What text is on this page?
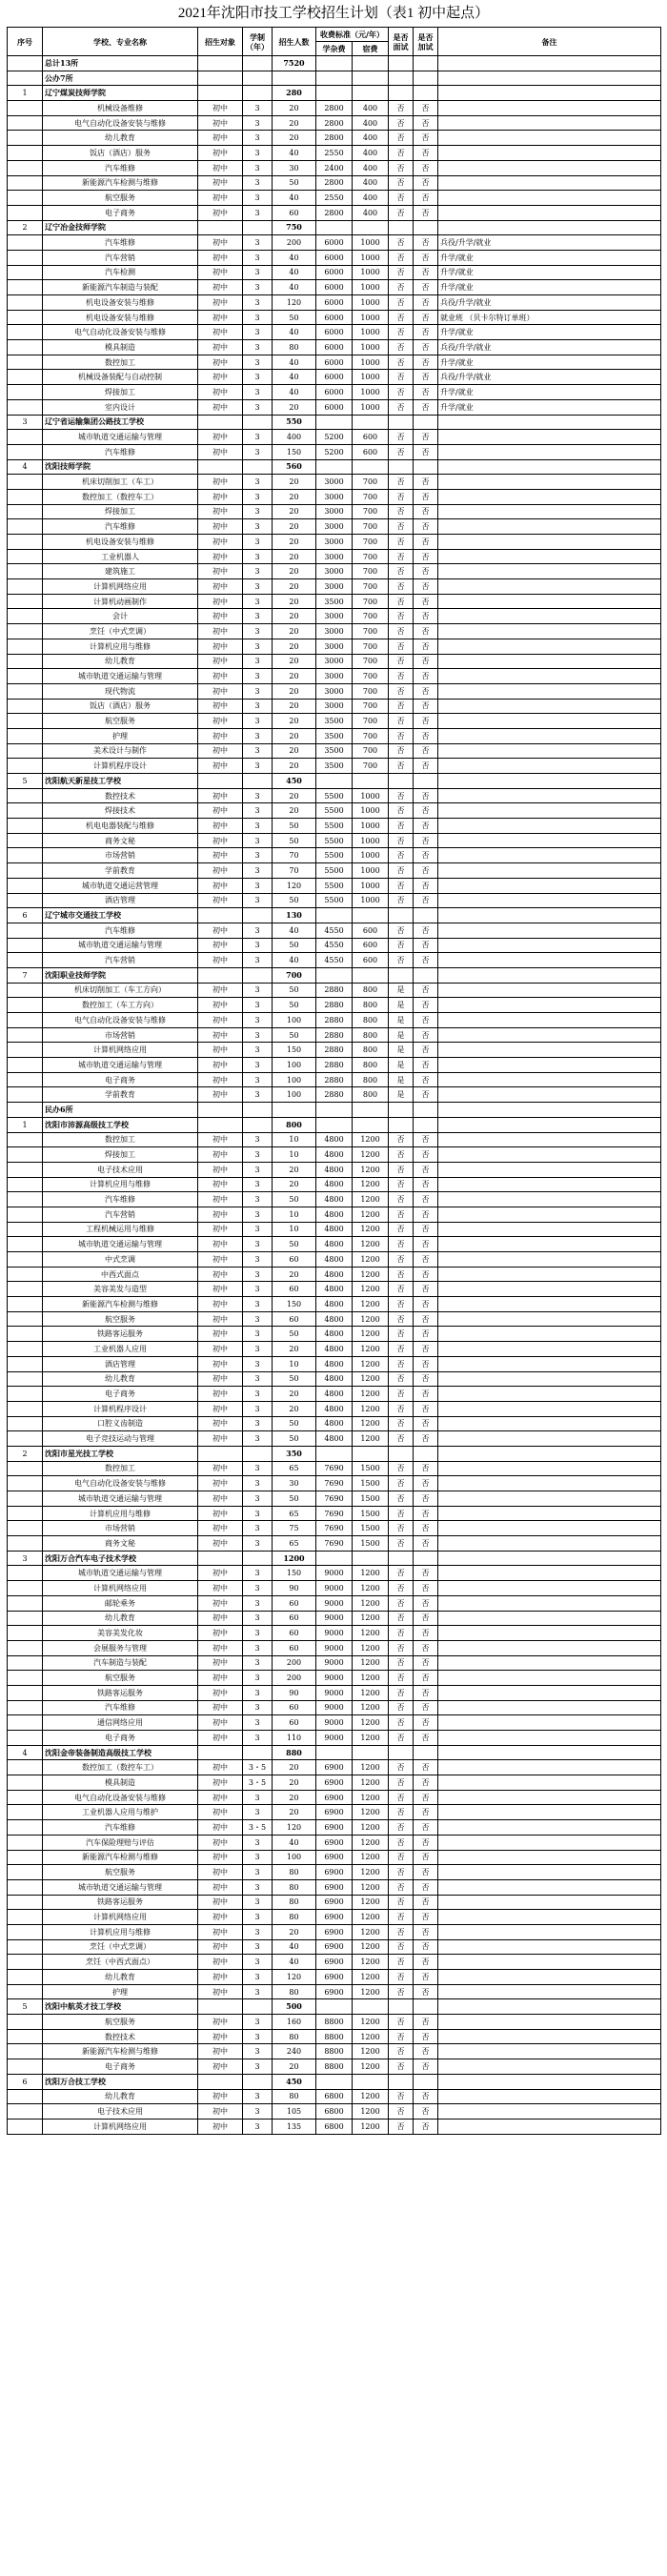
2021年沈阳市技工学校招生计划（表1 初中起点）
序号	学校、专业名称	招生对象	学制（年）	招生人数	收费标准（元/年）		是否面试	是否加试	备注
					学杂费	宿费			
	总计13所			7520					
	公办7所								
1	辽宁煤炭技师学院			280					
	机械设备维修	初中	3	20	2800	400	否	否	
	电气自动化设备安装与维修	初中	3	20	2800	400	否	否	
	幼儿教育	初中	3	20	2800	400	否	否	
	饭店（酒店）服务	初中	3	40	2550	400	否	否	
	汽车维修	初中	3	30	2400	400	否	否	
	新能源汽车检测与维修	初中	3	50	2800	400	否	否	
	航空服务	初中	3	40	2550	400	否	否	
	电子商务	初中	3	60	2800	400	否	否	
2	辽宁冶金技师学院			750					
	汽车维修	初中	3	200	6000	1000	否	否	兵役/升学/就业
	汽车营销	初中	3	40	6000	1000	否	否	升学/就业
	汽车检测	初中	3	40	6000	1000	否	否	升学/就业
	新能源汽车制造与装配	初中	3	40	6000	1000	否	否	升学/就业
	机电设备安装与维修	初中	3	120	6000	1000	否	否	兵役/升学/就业
	机电设备安装与维修	初中	3	50	6000	1000	否	否	就业班 （贝卡尔特订单班）
	电气自动化设备安装与维修	初中	3	40	6000	1000	否	否	升学/就业
	模具制造	初中	3	80	6000	1000	否	否	兵役/升学/就业
	数控加工	初中	3	40	6000	1000	否	否	升学/就业
	机械设备装配与自动控制	初中	3	40	6000	1000	否	否	兵役/升学/就业
	焊接加工	初中	3	40	6000	1000	否	否	升学/就业
	室内设计	初中	3	20	6000	1000	否	否	升学/就业
3	辽宁省运输集团公路技工学校			550					
	城市轨道交通运输与管理	初中	3	400	5200	600	否	否	
	汽车维修	初中	3	150	5200	600	否	否	
4	沈阳技师学院			560					
	机床切削加工（车工）	初中	3	20	3000	700	否	否	
	数控加工（数控车工）	初中	3	20	3000	700	否	否	
	焊接加工	初中	3	20	3000	700	否	否	
	汽车维修	初中	3	20	3000	700	否	否	
	机电设备安装与维修	初中	3	20	3000	700	否	否	
	工业机器人	初中	3	20	3000	700	否	否	
	建筑施工	初中	3	20	3000	700	否	否	
	计算机网络应用	初中	3	20	3000	700	否	否	
	计算机动画制作	初中	3	20	3500	700	否	否	
	会计	初中	3	20	3000	700	否	否	
	烹饪（中式烹调）	初中	3	20	3000	700	否	否	
	计算机应用与维修	初中	3	20	3000	700	否	否	
	幼儿教育	初中	3	20	3000	700	否	否	
	城市轨道交通运输与管理	初中	3	20	3000	700	否	否	
	现代物流	初中	3	20	3000	700	否	否	
	饭店（酒店）服务	初中	3	20	3000	700	否	否	
	航空服务	初中	3	20	3500	700	否	否	
	护理	初中	3	20	3500	700	否	否	
	美术设计与制作	初中	3	20	3500	700	否	否	
	计算机程序设计	初中	3	20	3500	700	否	否	
5	沈阳航天新星技工学校			450					
	数控技术	初中	3	20	5500	1000	否	否	
	焊接技术	初中	3	20	5500	1000	否	否	
	机电电器装配与维修	初中	3	50	5500	1000	否	否	
	商务文秘	初中	3	50	5500	1000	否	否	
	市场营销	初中	3	70	5500	1000	否	否	
	学前教育	初中	3	70	5500	1000	否	否	
	城市轨道交通运营管理	初中	3	120	5500	1000	否	否	
	酒店管理	初中	3	50	5500	1000	否	否	
6	辽宁城市交通技工学校			130					
	汽车维修	初中	3	40	4550	600	否	否	
	城市轨道交通运输与管理	初中	3	50	4550	600	否	否	
	汽车营销	初中	3	40	4550	600	否	否	
7	沈阳职业技师学院			700					
	机床切削加工（车工方向）	初中	3	50	2880	800	是	否	
	数控加工（车工方向）	初中	3	50	2880	800	是	否	
	电气自动化设备安装与维修	初中	3	100	2880	800	是	否	
	市场营销	初中	3	50	2880	800	是	否	
	计算机网络应用	初中	3	150	2880	800	是	否	
	城市轨道交通运输与管理	初中	3	100	2880	800	是	否	
	电子商务	初中	3	100	2880	800	是	否	
	学前教育	初中	3	100	2880	800	是	否	
	民办6所								
1	沈阳市沛源高级技工学校			800					
	数控加工	初中	3	10	4800	1200	否	否	
	焊接加工	初中	3	10	4800	1200	否	否	
	电子技术应用	初中	3	20	4800	1200	否	否	
	计算机应用与维修	初中	3	20	4800	1200	否	否	
	汽车维修	初中	3	50	4800	1200	否	否	
	汽车营销	初中	3	10	4800	1200	否	否	
	工程机械运用与维修	初中	3	10	4800	1200	否	否	
	城市轨道交通运输与管理	初中	3	50	4800	1200	否	否	
	中式烹调	初中	3	60	4800	1200	否	否	
	中西式面点	初中	3	20	4800	1200	否	否	
	美容美发与造型	初中	3	60	4800	1200	否	否	
	新能源汽车检测与维修	初中	3	150	4800	1200	否	否	
	航空服务	初中	3	60	4800	1200	否	否	
	铁路客运服务	初中	3	50	4800	1200	否	否	
	工业机器人应用	初中	3	20	4800	1200	否	否	
	酒店管理	初中	3	10	4800	1200	否	否	
	幼儿教育	初中	3	50	4800	1200	否	否	
	电子商务	初中	3	20	4800	1200	否	否	
	计算机程序设计	初中	3	20	4800	1200	否	否	
	口腔义齿制造	初中	3	50	4800	1200	否	否	
	电子竞技运动与管理	初中	3	50	4800	1200	否	否	
2	沈阳市星光技工学校			350					
	数控加工	初中	3	65	7690	1500	否	否	
	电气自动化设备安装与维修	初中	3	30	7690	1500	否	否	
	城市轨道交通运输与管理	初中	3	50	7690	1500	否	否	
	计算机应用与维修	初中	3	65	7690	1500	否	否	
	市场营销	初中	3	75	7690	1500	否	否	
	商务文秘	初中	3	65	7690	1500	否	否	
3	沈阳万合汽车电子技术学校			1200					
	城市轨道交通运输与管理	初中	3	150	9000	1200	否	否	
	计算机网络应用	初中	3	90	9000	1200	否	否	
	邮轮乘务	初中	3	60	9000	1200	否	否	
	幼儿教育	初中	3	60	9000	1200	否	否	
	美容美发化妆	初中	3	60	9000	1200	否	否	
	会展服务与管理	初中	3	60	9000	1200	否	否	
	汽车制造与装配	初中	3	200	9000	1200	否	否	
	航空服务	初中	3	200	9000	1200	否	否	
	铁路客运服务	初中	3	90	9000	1200	否	否	
	汽车维修	初中	3	60	9000	1200	否	否	
	通信网络应用	初中	3	60	9000	1200	否	否	
	电子商务	初中	3	110	9000	1200	否	否	
4	沈阳金帝装备制造高级技工学校			880					
	数控加工（数控车工）	初中	3・5	20	6900	1200	否	否	
	模具制造	初中	3・5	20	6900	1200	否	否	
	电气自动化设备安装与维修	初中	3	20	6900	1200	否	否	
	工业机器人应用与维护	初中	3	20	6900	1200	否	否	
	汽车维修	初中	3・5	120	6900	1200	否	否	
	汽车保险理赔与评估	初中	3	40	6900	1200	否	否	
	新能源汽车检测与维修	初中	3	100	6900	1200	否	否	
	航空服务	初中	3	80	6900	1200	否	否	
	城市轨道交通运输与管理	初中	3	80	6900	1200	否	否	
	铁路客运服务	初中	3	80	6900	1200	否	否	
	计算机网络应用	初中	3	80	6900	1200	否	否	
	计算机应用与维修	初中	3	20	6900	1200	否	否	
	烹饪（中式烹调）	初中	3	40	6900	1200	否	否	
	烹饪（中西式面点）	初中	3	40	6900	1200	否	否	
	幼儿教育	初中	3	120	6900	1200	否	否	
	护理	初中	3	80	6900	1200	否	否	
5	沈阳中航英才技工学校			500					
	航空服务	初中	3	160	8800	1200	否	否	
	数控技术	初中	3	80	8800	1200	否	否	
	新能源汽车检测与维修	初中	3	240	8800	1200	否	否	
	电子商务	初中	3	20	8800	1200	否	否	
6	沈阳万合技工学校			450					
	幼儿教育	初中	3	80	6800	1200	否	否	
	电子技术应用	初中	3	105	6800	1200	否	否	
	计算机网络应用	初中	3	135	6800	1200	否	否	
